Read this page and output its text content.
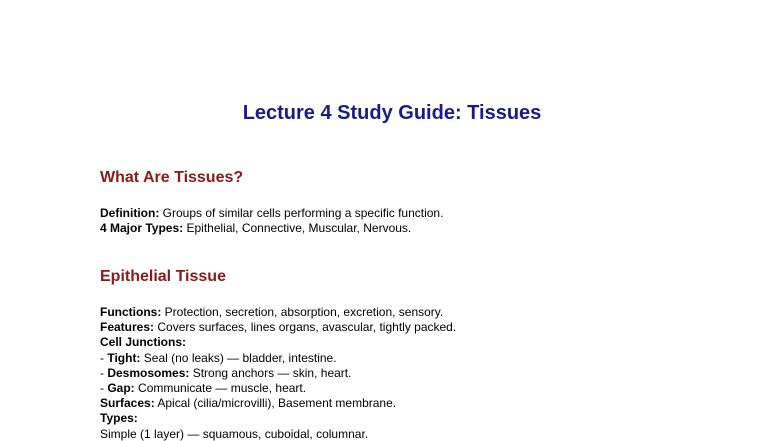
Lecture 4 Study Guide: Tissues
What Are Tissues?
Definition: Groups of similar cells performing a specific function.
4 Major Types: Epithelial, Connective, Muscular, Nervous.
Epithelial Tissue
Functions: Protection, secretion, absorption, excretion, sensory.
Features: Covers surfaces, lines organs, avascular, tightly packed.
Cell Junctions:
- Tight: Seal (no leaks) — bladder, intestine.
- Desmosomes: Strong anchors — skin, heart.
- Gap: Communicate — muscle, heart.
Surfaces: Apical (cilia/microvilli), Basement membrane.
Types:
Simple (1 layer) — squamous, cuboidal, columnar.
